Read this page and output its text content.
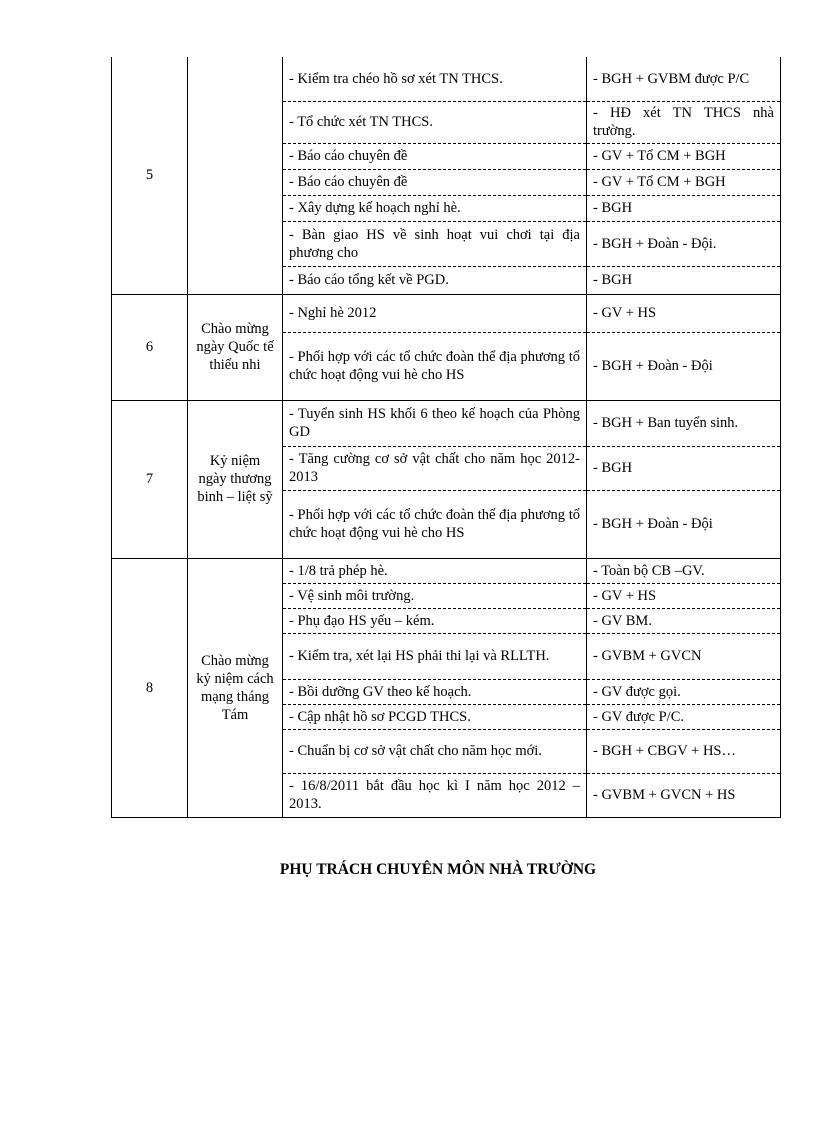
5		- Kiểm tra chéo hồ sơ xét TN THCS.	- BGH + GVBM được P/C
		- Tổ chức xét TN THCS.	- HĐ xét TN THCS nhà trường.
		- Báo cáo chuyên đề	- GV + Tổ CM + BGH
		- Báo cáo chuyên đề	- GV + Tổ CM + BGH
		- Xây dựng kế hoạch nghỉ hè.	- BGH
		- Bàn giao HS về sinh hoạt vui chơi tại địa phương cho	- BGH + Đoàn - Đội.
		- Báo cáo tổng kết về PGD.	- BGH
6	Chào mừng ngày Quốc tế thiếu nhi	- Nghỉ hè 2012	- GV + HS
		- Phối hợp với các tổ chức đoàn thể địa phương tổ chức hoạt động vui hè cho HS	- BGH + Đoàn - Đội
7	Kỷ niệm ngày thương binh – liệt sỹ	- Tuyển sinh HS khối 6 theo kế hoạch của Phòng GD	- BGH + Ban tuyển sinh.
		- Tăng cường cơ sở vật chất cho năm học 2012-2013	- BGH
		- Phối hợp với các tổ chức đoàn thể địa phương tổ chức hoạt động vui hè cho HS	- BGH + Đoàn - Đội
8	Chào mừng kỷ niệm cách mạng tháng Tám	- 1/8 trả phép hè.	- Toàn bộ CB –GV.
		- Vệ sinh môi trường.	- GV + HS
		- Phụ đạo HS yếu – kém.	- GV BM.
		- Kiểm tra, xét lại HS phải thi lại và RLLTH.	- GVBM + GVCN
		- Bồi dưỡng GV theo kế hoạch.	- GV được gọi.
		- Cập nhật hồ sơ PCGD THCS.	- GV được P/C.
		- Chuẩn bị cơ sở vật chất cho năm học mới.	- BGH + CBGV + HS…
		- 16/8/2011 bắt đầu học kì I năm học 2012 – 2013.	- GVBM + GVCN + HS
PHỤ TRÁCH CHUYÊN MÔN NHÀ TRƯỜNG
